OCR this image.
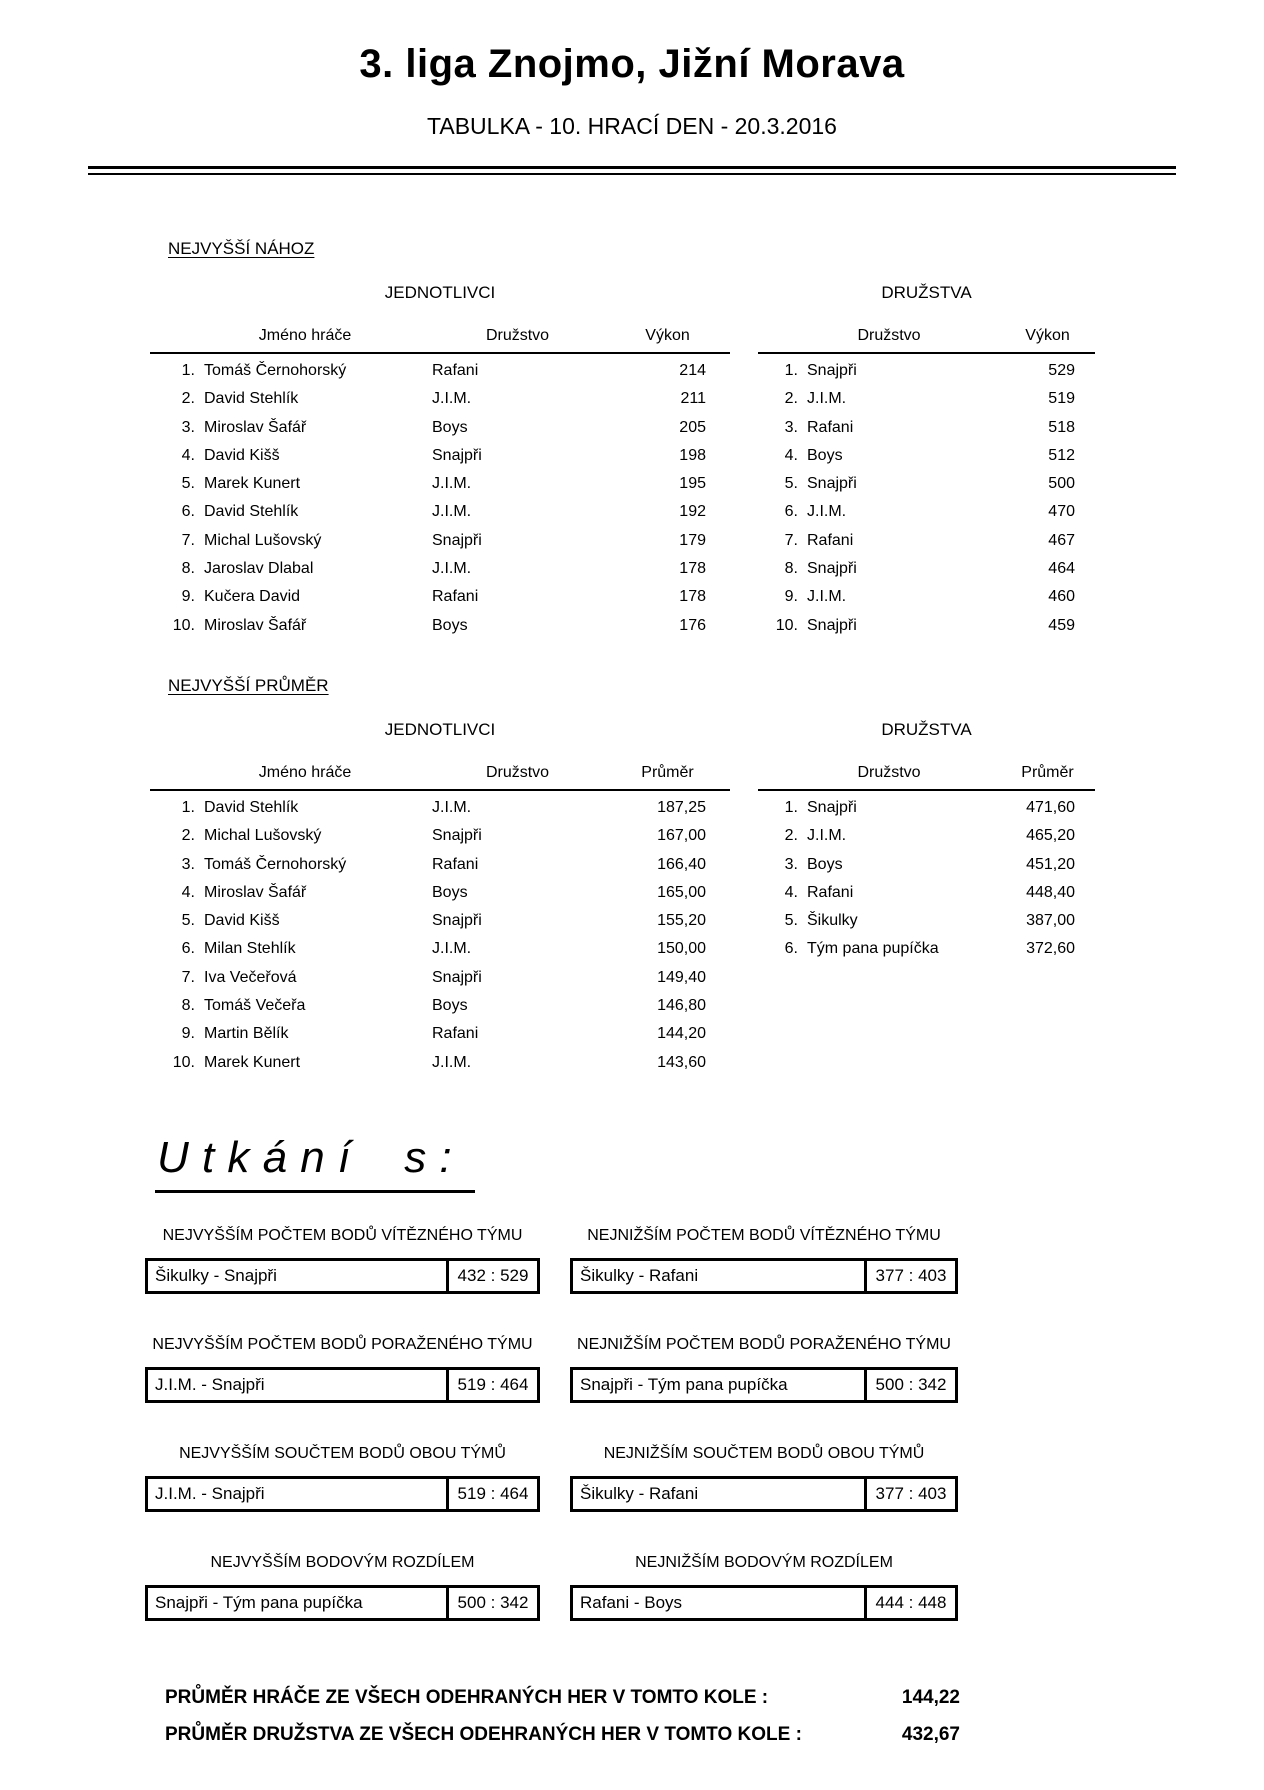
3. liga Znojmo, Jižní Morava
TABULKA - 10. HRACÍ DEN - 20.3.2016
NEJVYŠŠÍ NÁHOZ
JEDNOTLIVCI
Jméno hráče	Družstvo	Výkon
1. Tomáš Černohorský	Rafani	214
2. David Stehlík	J.I.M.	211
3. Miroslav Šafář	Boys	205
4. David Kišš	Snajpři	198
5. Marek Kunert	J.I.M.	195
6. David Stehlík	J.I.M.	192
7. Michal Lušovský	Snajpři	179
8. Jaroslav Dlabal	J.I.M.	178
9. Kučera David	Rafani	178
10. Miroslav Šafář	Boys	176
DRUŽSTVA
Družstvo	Výkon
1. Snajpři	529
2. J.I.M.	519
3. Rafani	518
4. Boys	512
5. Snajpři	500
6. J.I.M.	470
7. Rafani	467
8. Snajpři	464
9. J.I.M.	460
10. Snajpři	459
NEJVYŠŠÍ PRŮMĚR
JEDNOTLIVCI
Jméno hráče	Družstvo	Průměr
1. David Stehlík	J.I.M.	187,25
2. Michal Lušovský	Snajpři	167,00
3. Tomáš Černohorský	Rafani	166,40
4. Miroslav Šafář	Boys	165,00
5. David Kišš	Snajpři	155,20
6. Milan Stehlík	J.I.M.	150,00
7. Iva Večeřová	Snajpři	149,40
8. Tomáš Večeřa	Boys	146,80
9. Martin Bělík	Rafani	144,20
10. Marek Kunert	J.I.M.	143,60
DRUŽSTVA
Družstvo	Průměr
1. Snajpři	471,60
2. J.I.M.	465,20
3. Boys	451,20
4. Rafani	448,40
5. Šikulky	387,00
6. Tým pana pupíčka	372,60
Utkání s:
NEJVYŠŠÍM POČTEM BODŮ VÍTĚZNÉHO TÝMU
Šikulky - Snajpři	432 : 529
NEJNIŽŠÍM POČTEM BODŮ VÍTĚZNÉHO TÝMU
Šikulky - Rafani	377 : 403
NEJVYŠŠÍM POČTEM BODŮ PORAŽENÉHO TÝMU
J.I.M. - Snajpři	519 : 464
NEJNIŽŠÍM POČTEM BODŮ PORAŽENÉHO TÝMU
Snajpři - Tým pana pupíčka	500 : 342
NEJVYŠŠÍM SOUČTEM BODŮ OBOU TÝMŮ
J.I.M. - Snajpři	519 : 464
NEJNIŽŠÍM SOUČTEM BODŮ OBOU TÝMŮ
Šikulky - Rafani	377 : 403
NEJVYŠŠÍM BODOVÝM ROZDÍLEM
Snajpři - Tým pana pupíčka	500 : 342
NEJNIŽŠÍM BODOVÝM ROZDÍLEM
Rafani - Boys	444 : 448
PRŮMĚR HRÁČE ZE VŠECH ODEHRANÝCH HER V TOMTO KOLE :	144,22
PRŮMĚR DRUŽSTVA ZE VŠECH ODEHRANÝCH HER V TOMTO KOLE :	432,67
